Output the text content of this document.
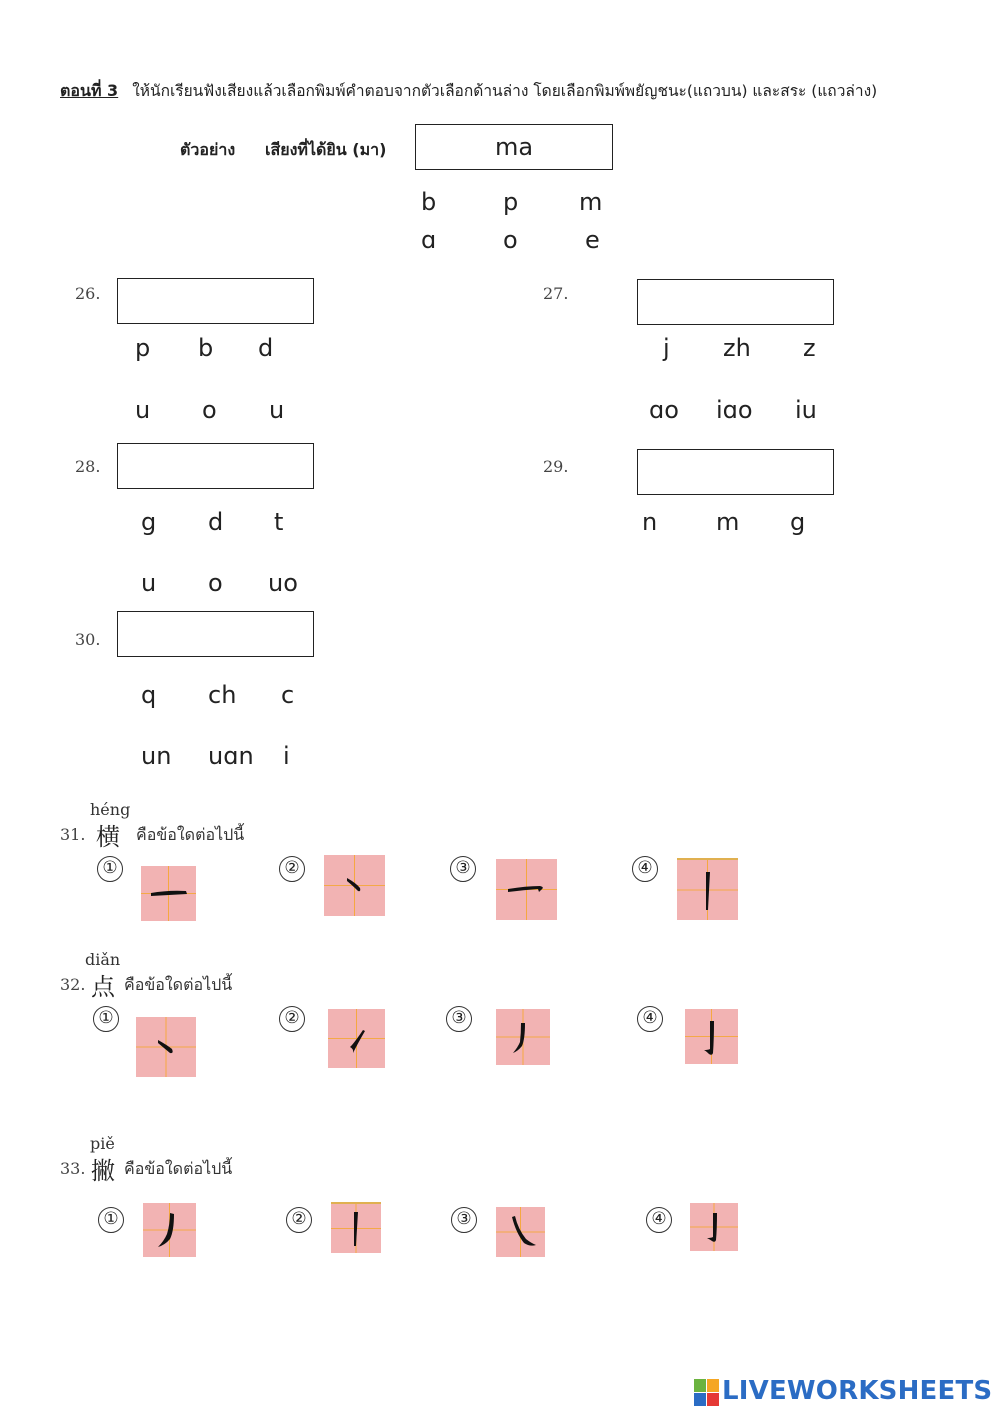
ตอนที่ 3 ให้นักเรียนฟังเสียงแล้วเลือกพิมพ์คำตอบจากตัวเลือกด้านล่าง โดยเลือกพิมพ์พยัญชนะ(แถวบน) และสระ (แถวล่าง)
ตัวอย่าง เสียงที่ได้ยิน (มา)	ma
b	p	m
ɑ	o	e
26.
p b d
u o u
27.
j zh z
ɑo iɑo iu
28.
g d t
u o uo
29.
n m g
30.
q ch c
un uɑn i
héng
31. 横 คือข้อใดต่อไปนี้
①	②	③	④
diǎn
32. 点 คือข้อใดต่อไปนี้
①	②	③	④
piě
33. 撇 คือข้อใดต่อไปนี้
①	②	③	④
LIVEWORKSHEETS
